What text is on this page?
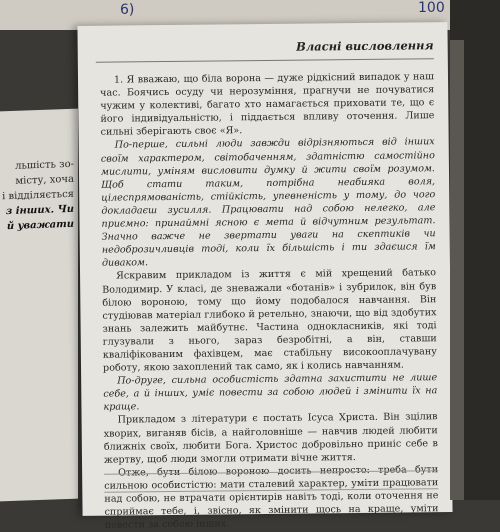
6)	100
льшість зо-
місту, хоча
і відділяється
з інших. Чи
й уважати
Власні висловлення

1. Я вважаю, що біла ворона — дуже рідкісний випадок у наш час. Боячись осуду чи нерозуміння, прагнучи не почуватися чужим у колективі, багато хто намагається приховати те, що є його індивідуальністю, і піддається впливу оточення. Лише сильні зберігають своє «Я».

По-перше, сильні люди завжди відрізняються від інших своїм характером, світобаченням, здатністю самостійно мислити, уміням висловити думку й жити своїм розумом. Щоб стати таким, потрібна неабияка воля, цілеспрямованість, стійкість, упевненість у тому, до чого докладаєш зусилля. Працювати над собою нелегко, але приємно: принаймні ясною є мета й відчутним результат. Значно важче не звертати уваги на скептиків чи недоброзичливців тоді, коли їх більшість і ти здаєшся їм диваком.

Яскравим прикладом із життя є мій хрещений батько Володимир. У класі, де зневажали «ботанів» і зубрилок, він був білою вороною, тому що йому подобалося навчання. Він студіював матеріал глибоко й ретельно, знаючи, що від здобутих знань залежить майбутнє. Частина однокласників, які тоді глузували з нього, зараз безробітні, а він, ставши кваліфікованим фахівцем, має стабільну високооплачувану роботу, якою захоплений так само, як і колись навчанням.

По-друге, сильна особистість здатна захистити не лише себе, а й інших, уміє повести за собою людей і змінити їх на краще.

Прикладом з літератури є постать Ісуса Христа. Він зцілив хворих, виганяв бісів, а найголовніше — навчив людей любити ближніх своїх, любити Бога. Христос добровільно приніс себе в жертву, щоб люди змогли отримати вічне життя.

Отже, бути білою вороною досить непросто: треба бути сильною особистістю: мати сталевий характер, уміти працювати над собою, не втрачати орієнтирів навіть тоді, коли оточення не сприймає тебе, і, звісно, як змінити щось на краще, уміти повести за собою інших.
